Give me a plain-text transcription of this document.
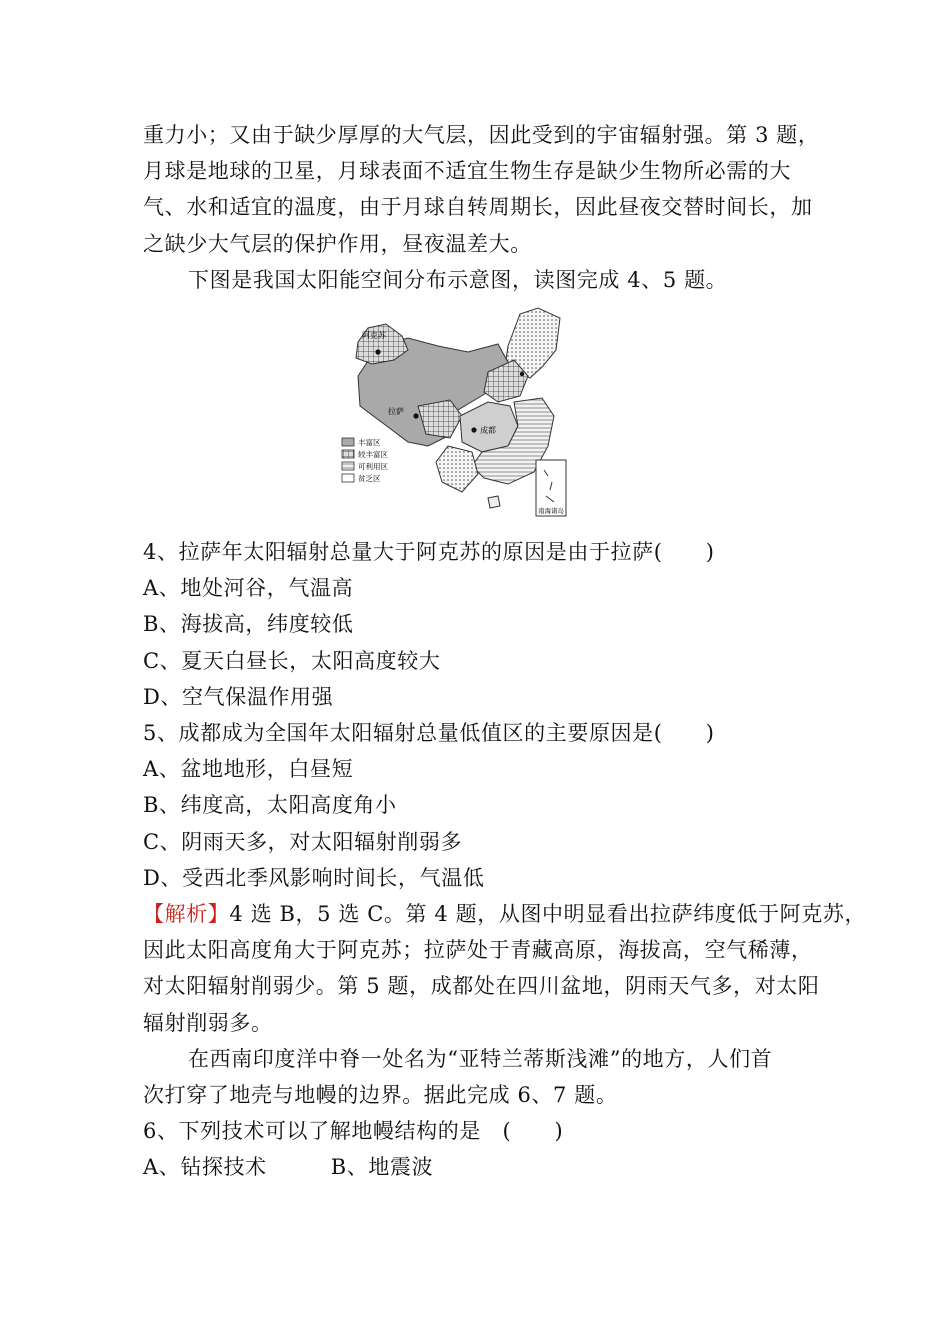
重力小；又由于缺少厚厚的大气层，因此受到的宇宙辐射强。第 3 题，

月球是地球的卫星，月球表面不适宜生物生存是缺少生物所必需的大

气、水和适宜的温度，由于月球自转周期长，因此昼夜交替时间长，加

之缺少大气层的保护作用，昼夜温差大。

下图是我国太阳能空间分布示意图，读图完成 4、5 题。

南海诸岛
阿克苏
拉萨
成都
丰富区
较丰富区
可利用区
贫乏区

4、拉萨年太阳辐射总量大于阿克苏的原因是由于拉萨(　　)

A、地处河谷，气温高

B、海拔高，纬度较低

C、夏天白昼长，太阳高度较大

D、空气保温作用强

5、成都成为全国年太阳辐射总量低值区的主要原因是(　　)

A、盆地地形，白昼短

B、纬度高，太阳高度角小

C、阴雨天多，对太阳辐射削弱多

D、受西北季风影响时间长，气温低

【解析】4 选 B，5 选 C。第 4 题，从图中明显看出拉萨纬度低于阿克苏，

因此太阳高度角大于阿克苏；拉萨处于青藏高原，海拔高，空气稀薄，

对太阳辐射削弱少。第 5 题，成都处在四川盆地，阴雨天气多，对太阳

辐射削弱多。

在西南印度洋中脊一处名为“亚特兰蒂斯浅滩”的地方，人们首

次打穿了地壳与地幔的边界。据此完成 6、7 题。

6、下列技术可以了解地幔结构的是　(　　)

A、钻探技术	B、地震波
